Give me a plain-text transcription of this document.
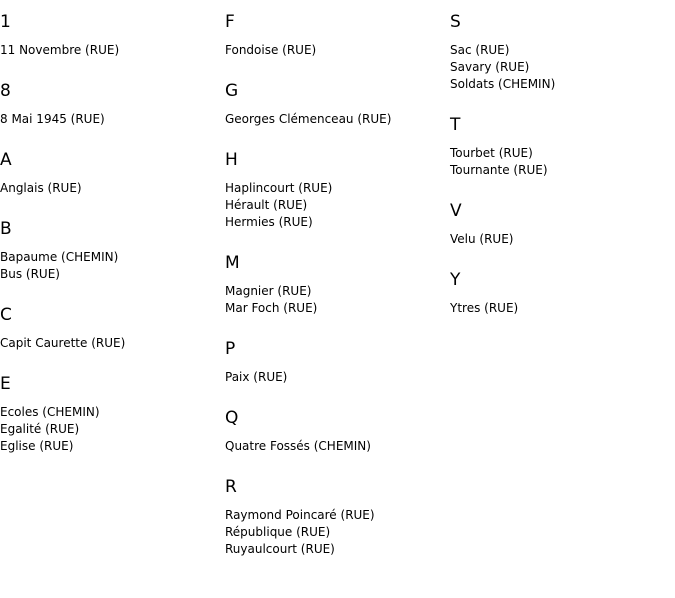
1
11 Novembre (RUE)
8
8 Mai 1945 (RUE)
A
Anglais (RUE)
B
Bapaume (CHEMIN)
Bus (RUE)
C
Capit Caurette (RUE)
E
Ecoles (CHEMIN)
Egalité (RUE)
Eglise (RUE)
F
Fondoise (RUE)
G
Georges Clémenceau (RUE)
H
Haplincourt (RUE)
Hérault (RUE)
Hermies (RUE)
M
Magnier (RUE)
Mar Foch (RUE)
P
Paix (RUE)
Q
Quatre Fossés (CHEMIN)
R
Raymond Poincaré (RUE)
République (RUE)
Ruyaulcourt (RUE)
S
Sac (RUE)
Savary (RUE)
Soldats (CHEMIN)
T
Tourbet (RUE)
Tournante (RUE)
V
Velu (RUE)
Y
Ytres (RUE)
